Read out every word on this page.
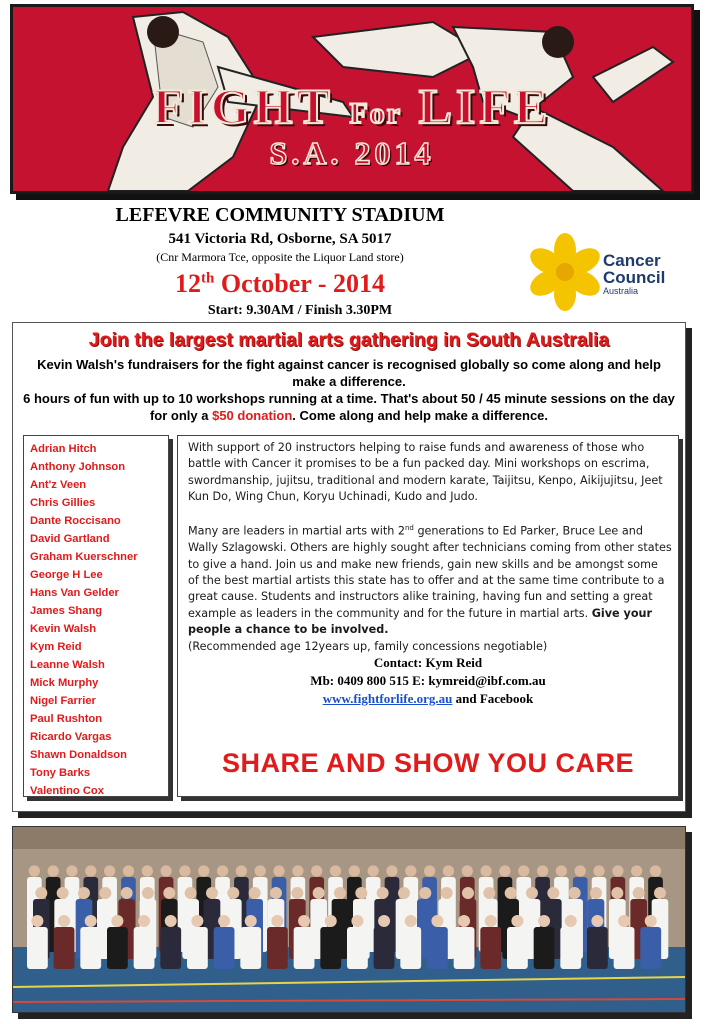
FIGHT For LIFE
S.A. 2014
LEFEVRE COMMUNITY STADIUM
541 Victoria Rd, Osborne, SA 5017
(Cnr Marmora Tce, opposite the Liquor Land store)
12th October - 2014
Start: 9.30AM / Finish 3.30PM
Cancer
Council
Australia
Join the largest martial arts gathering in South Australia
Kevin Walsh's fundraisers for the fight against cancer is recognised globally so come along and help make a difference.
6 hours of fun with up to 10 workshops running at a time. That's about 50 / 45 minute sessions on the day for only a $50 donation. Come along and help make a difference.
Adrian Hitch
Anthony Johnson
Ant'z Veen
Chris Gillies
Dante Roccisano
David Gartland
Graham Kuerschner
George H Lee
Hans Van Gelder
James Shang
Kevin Walsh
Kym Reid
Leanne Walsh
Mick Murphy
Nigel Farrier
Paul Rushton
Ricardo Vargas
Shawn Donaldson
Tony Barks
Valentino Cox
With support of 20 instructors helping to raise funds and awareness of those who battle with Cancer it promises to be a fun packed day. Mini workshops on escrima, swordmanship, jujitsu, traditional and modern karate, Taijitsu, Kenpo, Aikijujitsu, Jeet Kun Do, Wing Chun, Koryu Uchinadi, Kudo and Judo.
Many are leaders in martial arts with 2nd generations to Ed Parker, Bruce Lee and Wally Szlagowski. Others are highly sought after technicians coming from other states to give a hand. Join us and make new friends, gain new skills and be amongst some of the best martial artists this state has to offer and at the same time contribute to a great cause. Students and instructors alike training, having fun and setting a great example as leaders in the community and for the future in martial arts. Give your people a chance to be involved.
(Recommended age 12years up, family concessions negotiable)
Contact: Kym Reid
Mb: 0409 800 515 E: kymreid@ibf.com.au
www.fightforlife.org.au and Facebook
SHARE AND SHOW YOU CARE
